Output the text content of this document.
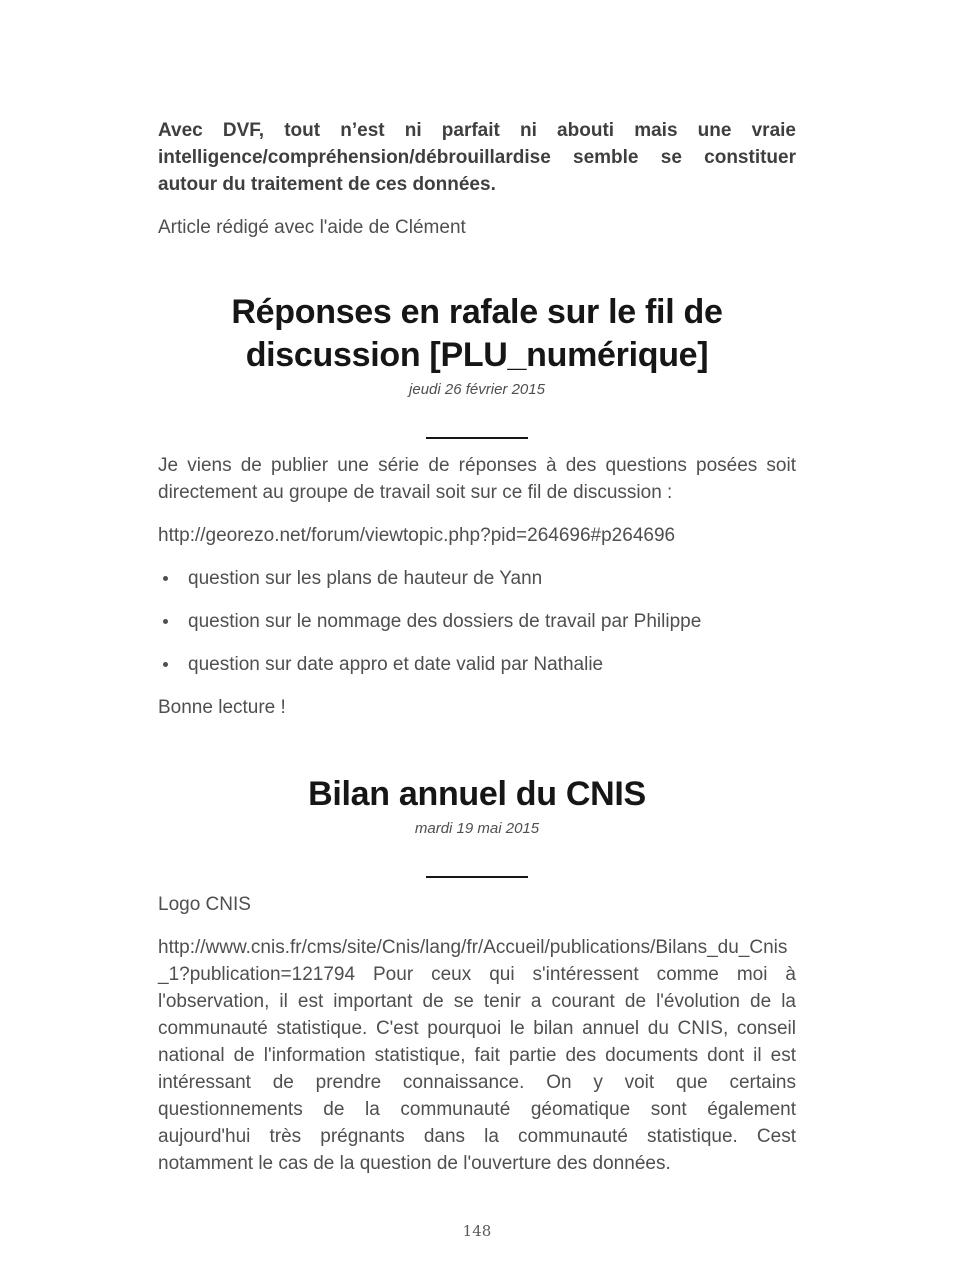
Avec DVF, tout n’est ni parfait ni abouti mais une vraie intelligence/compréhension/débrouillardise semble se constituer autour du traitement de ces données.

Article rédigé avec l'aide de Clément

Réponses en rafale sur le fil de discussion [PLU_numérique]

jeudi 26 février 2015

Je viens de publier une série de réponses à des questions posées soit directement au groupe de travail soit sur ce fil de discussion :

http://georezo.net/forum/viewtopic.php?pid=264696#p264696

question sur les plans de hauteur de Yann
question sur le nommage des dossiers de travail par Philippe
question sur date appro et date valid par Nathalie

Bonne lecture !

Bilan annuel du CNIS

mardi 19 mai 2015

Logo CNIS

http://www.cnis.fr/cms/site/Cnis/lang/fr/Accueil/publications/Bilans_du_Cnis_1?publication=121794 Pour ceux qui s'intéressent comme moi à l'observation, il est important de se tenir a courant de l'évolution de la communauté statistique. C'est pourquoi le bilan annuel du CNIS, conseil national de l'information statistique, fait partie des documents dont il est intéressant de prendre connaissance. On y voit que certains questionnements de la communauté géomatique sont également aujourd'hui très prégnants dans la communauté statistique. Cest notamment le cas de la question de l'ouverture des données.

148
